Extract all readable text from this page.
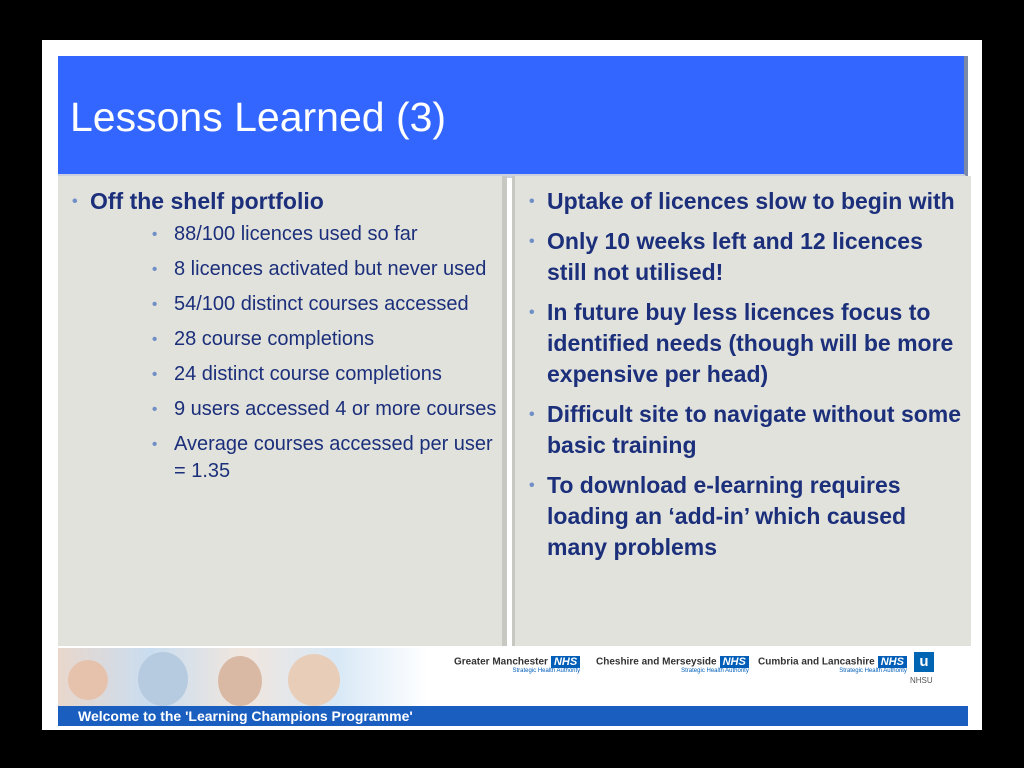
Lessons Learned (3)
• Off the shelf portfolio
• 88/100 licences used so far
• 8 licences activated but never used
• 54/100 distinct courses accessed
• 28 course completions
• 24 distinct course completions
• 9 users accessed 4 or more courses
• Average courses accessed per user = 1.35
• Uptake of licences slow to begin with
• Only 10 weeks left and 12 licences still not utilised!
• In future buy less licences focus to identified needs (though will be more expensive per head)
• Difficult site to navigate without some basic training
• To download e-learning requires loading an ‘add-in’ which caused many problems
Greater Manchester NHS
Strategic Health Authority
Cheshire and Merseyside NHS
Strategic Health Authority
Cumbria and Lancashire NHS
Strategic Health Authority
u
NHSU
Welcome to the 'Learning Champions Programme'
